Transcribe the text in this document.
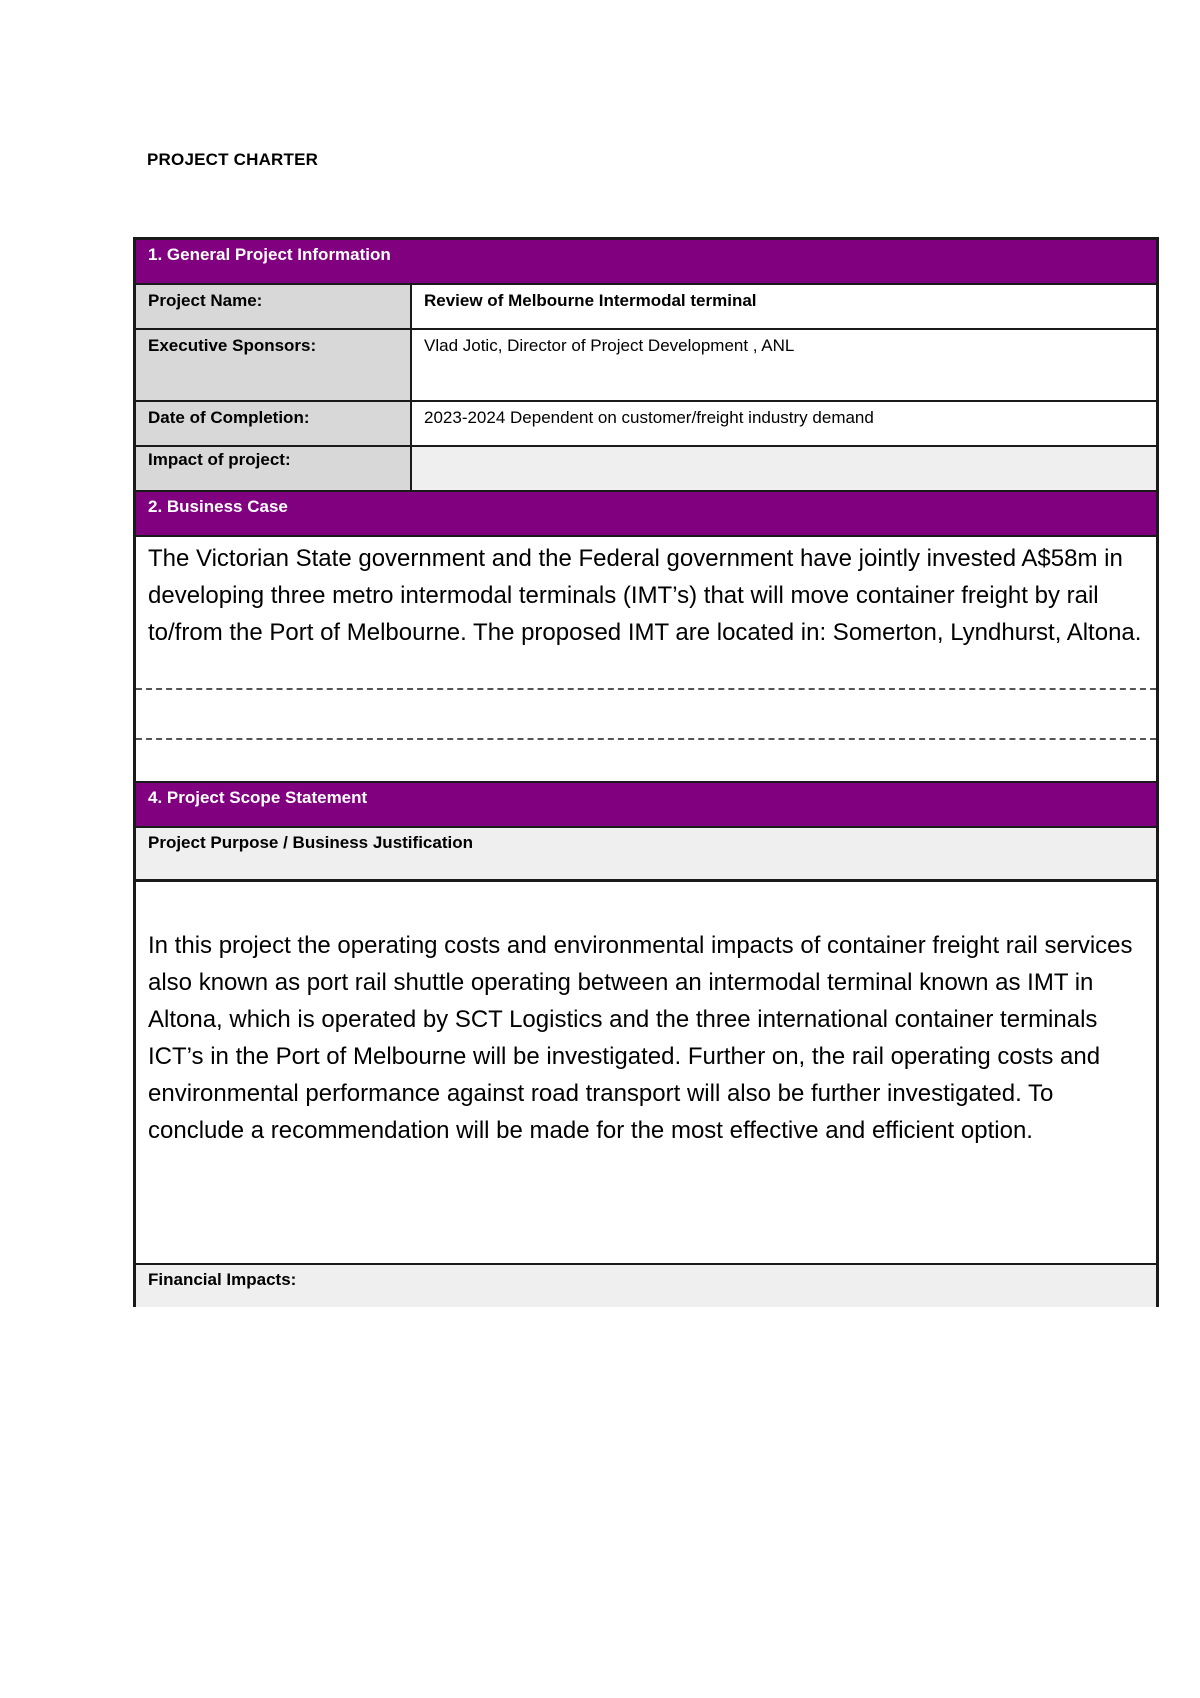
PROJECT CHARTER
1. General Project Information
Project Name:	Review of Melbourne Intermodal terminal
Executive Sponsors:	Vlad Jotic, Director of Project Development , ANL
Date of Completion:	2023-2024 Dependent on customer/freight industry demand
Impact of project:
2. Business Case
The Victorian State government and the Federal government have jointly invested A$58m in developing three metro intermodal terminals (IMT’s) that will move container freight by rail to/from the Port of Melbourne. The proposed IMT are located in: Somerton, Lyndhurst, Altona.
4. Project Scope Statement
Project Purpose / Business Justification
In this project the operating costs and environmental impacts of container freight rail services also known as port rail shuttle operating between an intermodal terminal known as IMT in Altona, which is operated by SCT Logistics and the three international container terminals ICT’s in the Port of Melbourne will be investigated. Further on, the rail operating costs and environmental performance against road transport will also be further investigated. To conclude a recommendation will be made for the most effective and efficient option.
Financial Impacts:
